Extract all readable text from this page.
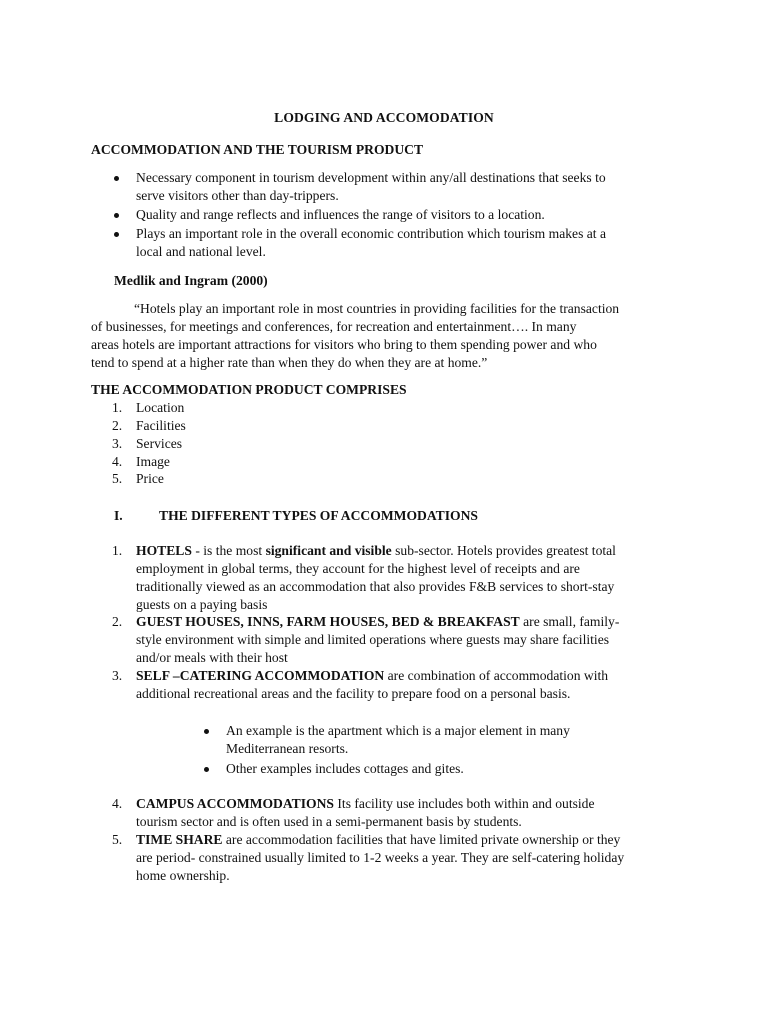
LODGING AND ACCOMODATION

ACCOMMODATION AND THE TOURISM PRODUCT

Necessary component in tourism development within any/all destinations that seeks to
serve visitors other than day-trippers.
Quality and range reflects and influences the range of visitors to a location.
Plays an important role in the overall economic contribution which tourism makes at a
local and national level.

Medlik and Ingram (2000)

“Hotels play an important role in most countries in providing facilities for the transaction
of businesses, for meetings and conferences, for recreation and entertainment…. In many
areas hotels are important attractions for visitors who bring to them spending power and who
tend to spend at a higher rate than when they do when they are at home.”

THE ACCOMMODATION PRODUCT COMPRISES

1. Location
2. Facilities
3. Services
4. Image
5. Price
I.	THE DIFFERENT TYPES OF ACCOMMODATIONS
1. HOTELS - is the most significant and visible sub-sector. Hotels provides greatest total
employment in global terms, they account for the highest level of receipts and are
traditionally viewed as an accommodation that also provides F&B services to short-stay
guests on a paying basis
2. GUEST HOUSES, INNS, FARM HOUSES, BED & BREAKFAST are small, family-
style environment with simple and limited operations where guests may share facilities
and/or meals with their host
3. SELF –CATERING ACCOMMODATION are combination of accommodation with
additional recreational areas and the facility to prepare food on a personal basis.
An example is the apartment which is a major element in many
Mediterranean resorts.
Other examples includes cottages and gites.
4. CAMPUS ACCOMMODATIONS Its facility use includes both within and outside
tourism sector and is often used in a semi-permanent basis by students.
5. TIME SHARE are accommodation facilities that have limited private ownership or they
are period- constrained usually limited to 1-2 weeks a year. They are self-catering holiday
home ownership.
